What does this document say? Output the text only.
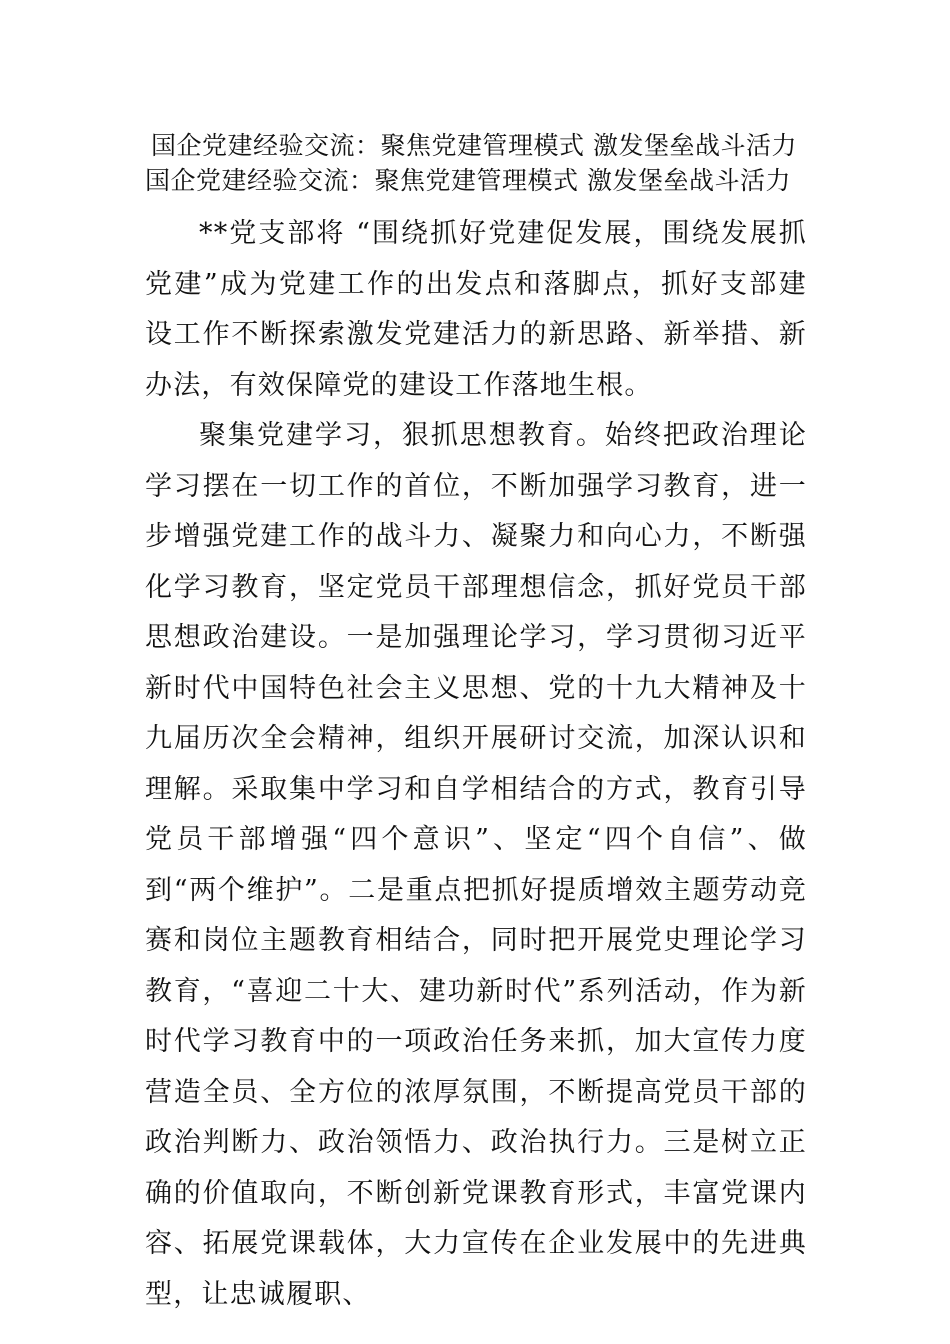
国企党建经验交流：聚焦党建管理模式 激发堡垒战斗活力
国企党建经验交流：聚焦党建管理模式 激发堡垒战斗活力

**党支部将 “围绕抓好党建促发展，围绕发展抓党建”成为党建工作的出发点和落脚点，抓好支部建设工作不断探索激发党建活力的新思路、新举措、新办法，有效保障党的建设工作落地生根。

聚集党建学习，狠抓思想教育。始终把政治理论学习摆在一切工作的首位，不断加强学习教育，进一步增强党建工作的战斗力、凝聚力和向心力，不断强化学习教育，坚定党员干部理想信念，抓好党员干部思想政治建设。一是加强理论学习，学习贯彻习近平新时代中国特色社会主义思想、党的十九大精神及十九届历次全会精神，组织开展研讨交流，加深认识和理解。采取集中学习和自学相结合的方式，教育引导党员干部增强“四个意识”、坚定“四个自信”、做到“两个维护”。二是重点把抓好提质增效主题劳动竞赛和岗位主题教育相结合，同时把开展党史理论学习教育，“喜迎二十大、建功新时代”系列活动，作为新时代学习教育中的一项政治任务来抓，加大宣传力度营造全员、全方位的浓厚氛围，不断提高党员干部的政治判断力、政治领悟力、政治执行力。三是树立正确的价值取向，不断创新党课教育形式，丰富党课内容、拓展党课载体，大力宣传在企业发展中的先进典型，让忠诚履职、
